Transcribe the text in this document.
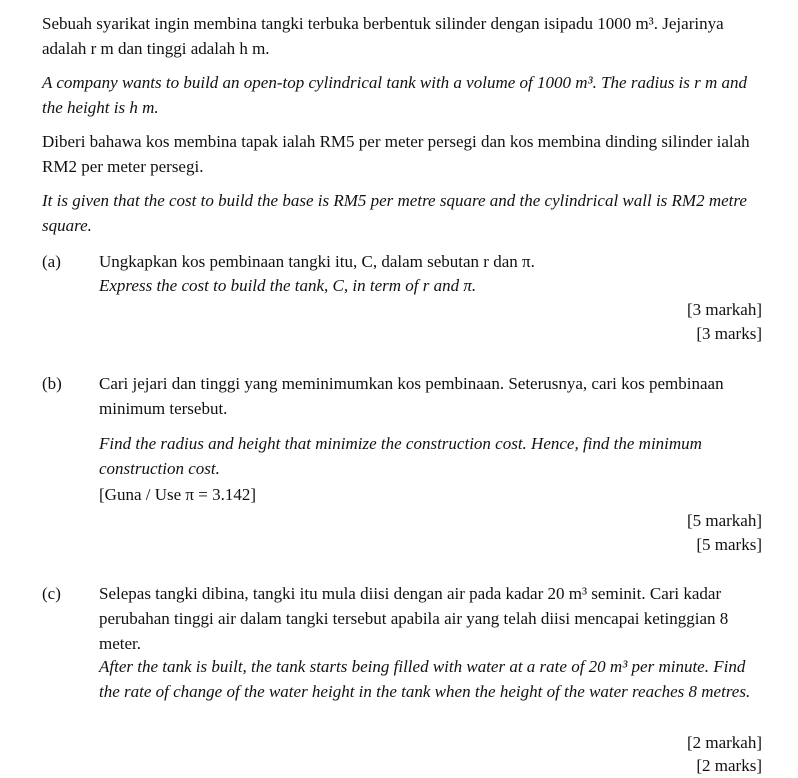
Sebuah syarikat ingin membina tangki terbuka berbentuk silinder dengan isipadu 1000 m³. Jejarinya adalah r m dan tinggi adalah h m.

A company wants to build an open-top cylindrical tank with a volume of 1000 m³. The radius is r m and the height is h m.

Diberi bahawa kos membina tapak ialah RM5 per meter persegi dan kos membina dinding silinder ialah RM2 per meter persegi.

It is given that the cost to build the base is RM5 per metre square and the cylindrical wall is RM2 metre square.

(a)	Ungkapkan kos pembinaan tangki itu, C, dalam sebutan r dan π.

Express the cost to build the tank, C, in term of r and π.

[3 markah]

[3 marks]

(b)	Cari jejari dan tinggi yang meminimumkan kos pembinaan. Seterusnya, cari kos pembinaan minimum tersebut.

Find the radius and height that minimize the construction cost. Hence, find the minimum construction cost.

[Guna / Use π = 3.142]

[5 markah]

[5 marks]

(c)	Selepas tangki dibina, tangki itu mula diisi dengan air pada kadar 20 m³ seminit. Cari kadar perubahan tinggi air dalam tangki tersebut apabila air yang telah diisi mencapai ketinggian 8 meter.

After the tank is built, the tank starts being filled with water at a rate of 20 m³ per minute. Find the rate of change of the water height in the tank when the height of the water reaches 8 metres.

[2 markah]

[2 marks]
